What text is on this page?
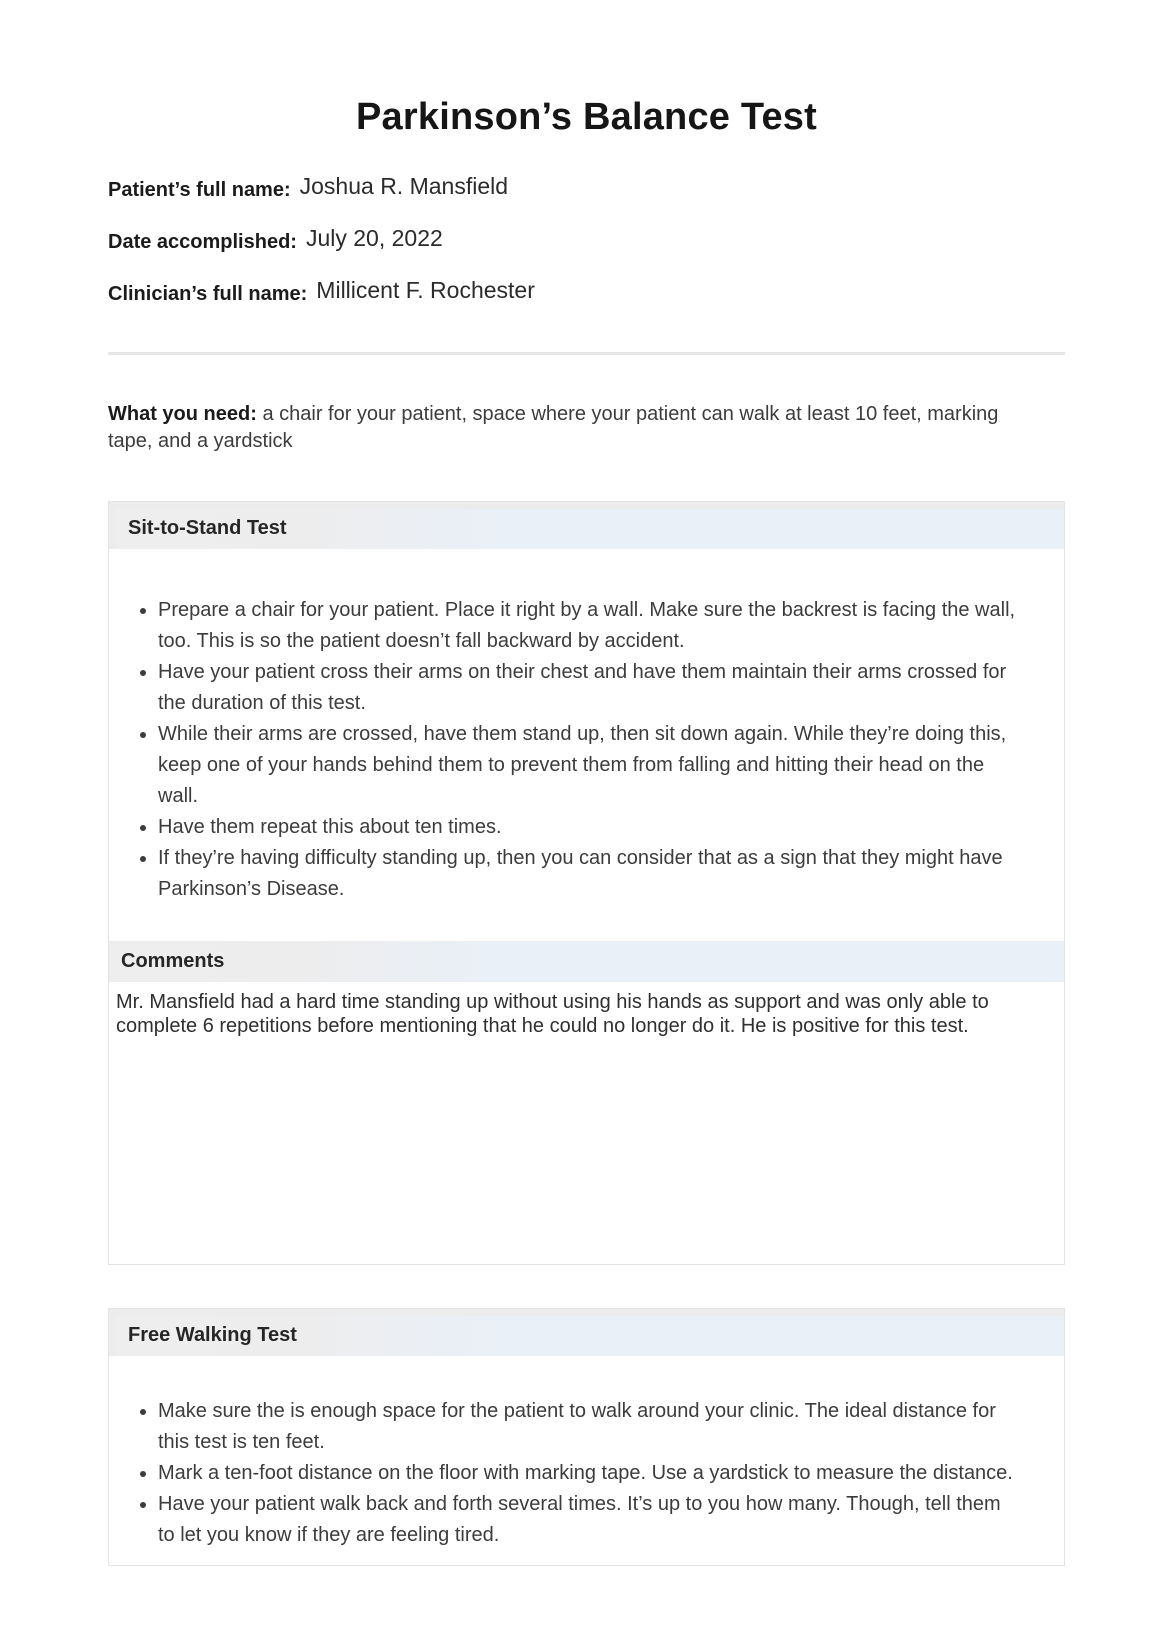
Parkinson’s Balance Test
Patient’s full name: Joshua R. Mansfield
Date accomplished: July 20, 2022
Clinician’s full name: Millicent F. Rochester

What you need: a chair for your patient, space where your patient can walk at least 10 feet, marking tape, and a yardstick

Sit-to-Stand Test
• Prepare a chair for your patient. Place it right by a wall. Make sure the backrest is facing the wall, too. This is so the patient doesn’t fall backward by accident.
• Have your patient cross their arms on their chest and have them maintain their arms crossed for the duration of this test.
• While their arms are crossed, have them stand up, then sit down again. While they’re doing this, keep one of your hands behind them to prevent them from falling and hitting their head on the wall.
• Have them repeat this about ten times.
• If they’re having difficulty standing up, then you can consider that as a sign that they might have Parkinson’s Disease.
Comments
Mr. Mansfield had a hard time standing up without using his hands as support and was only able to complete 6 repetitions before mentioning that he could no longer do it. He is positive for this test.
Free Walking Test
• Make sure the is enough space for the patient to walk around your clinic. The ideal distance for this test is ten feet.
• Mark a ten-foot distance on the floor with marking tape. Use a yardstick to measure the distance.
• Have your patient walk back and forth several times. It’s up to you how many. Though, tell them to let you know if they are feeling tired.
